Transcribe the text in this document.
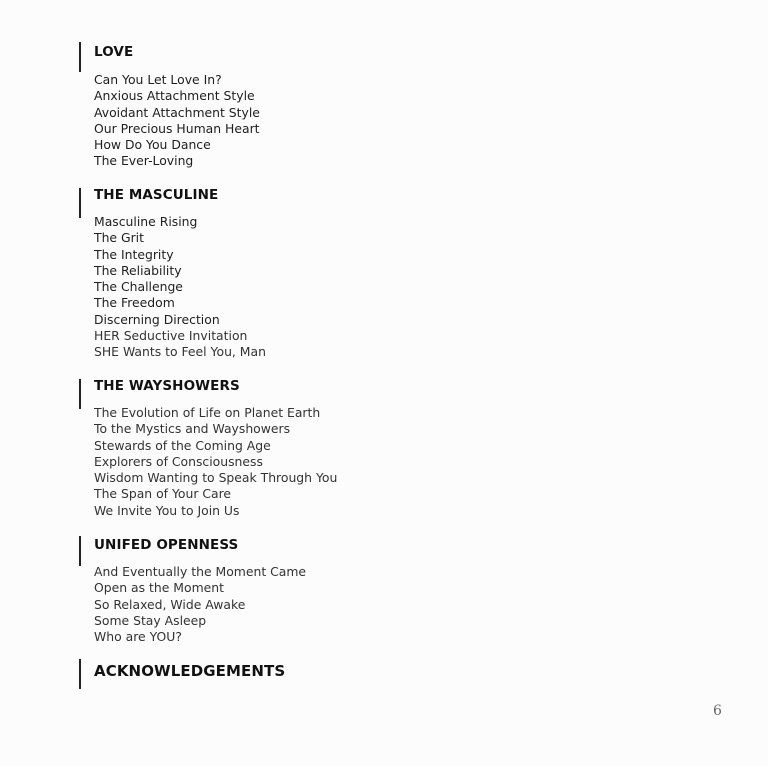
LOVE
Can You Let Love In?
Anxious Attachment Style
Avoidant Attachment Style
Our Precious Human Heart
How Do You Dance
The Ever-Loving
THE MASCULINE
Masculine Rising
The Grit
The Integrity
The Reliability
The Challenge
The Freedom
Discerning Direction
HER Seductive Invitation
SHE Wants to Feel You, Man
THE WAYSHOWERS
The Evolution of Life on Planet Earth
To the Mystics and Wayshowers
Stewards of the Coming Age
Explorers of Consciousness
Wisdom Wanting to Speak Through You
The Span of Your Care
We Invite You to Join Us
UNIFED OPENNESS
And Eventually the Moment Came
Open as the Moment
So Relaxed, Wide Awake
Some Stay Asleep
Who are YOU?
ACKNOWLEDGEMENTS
6
